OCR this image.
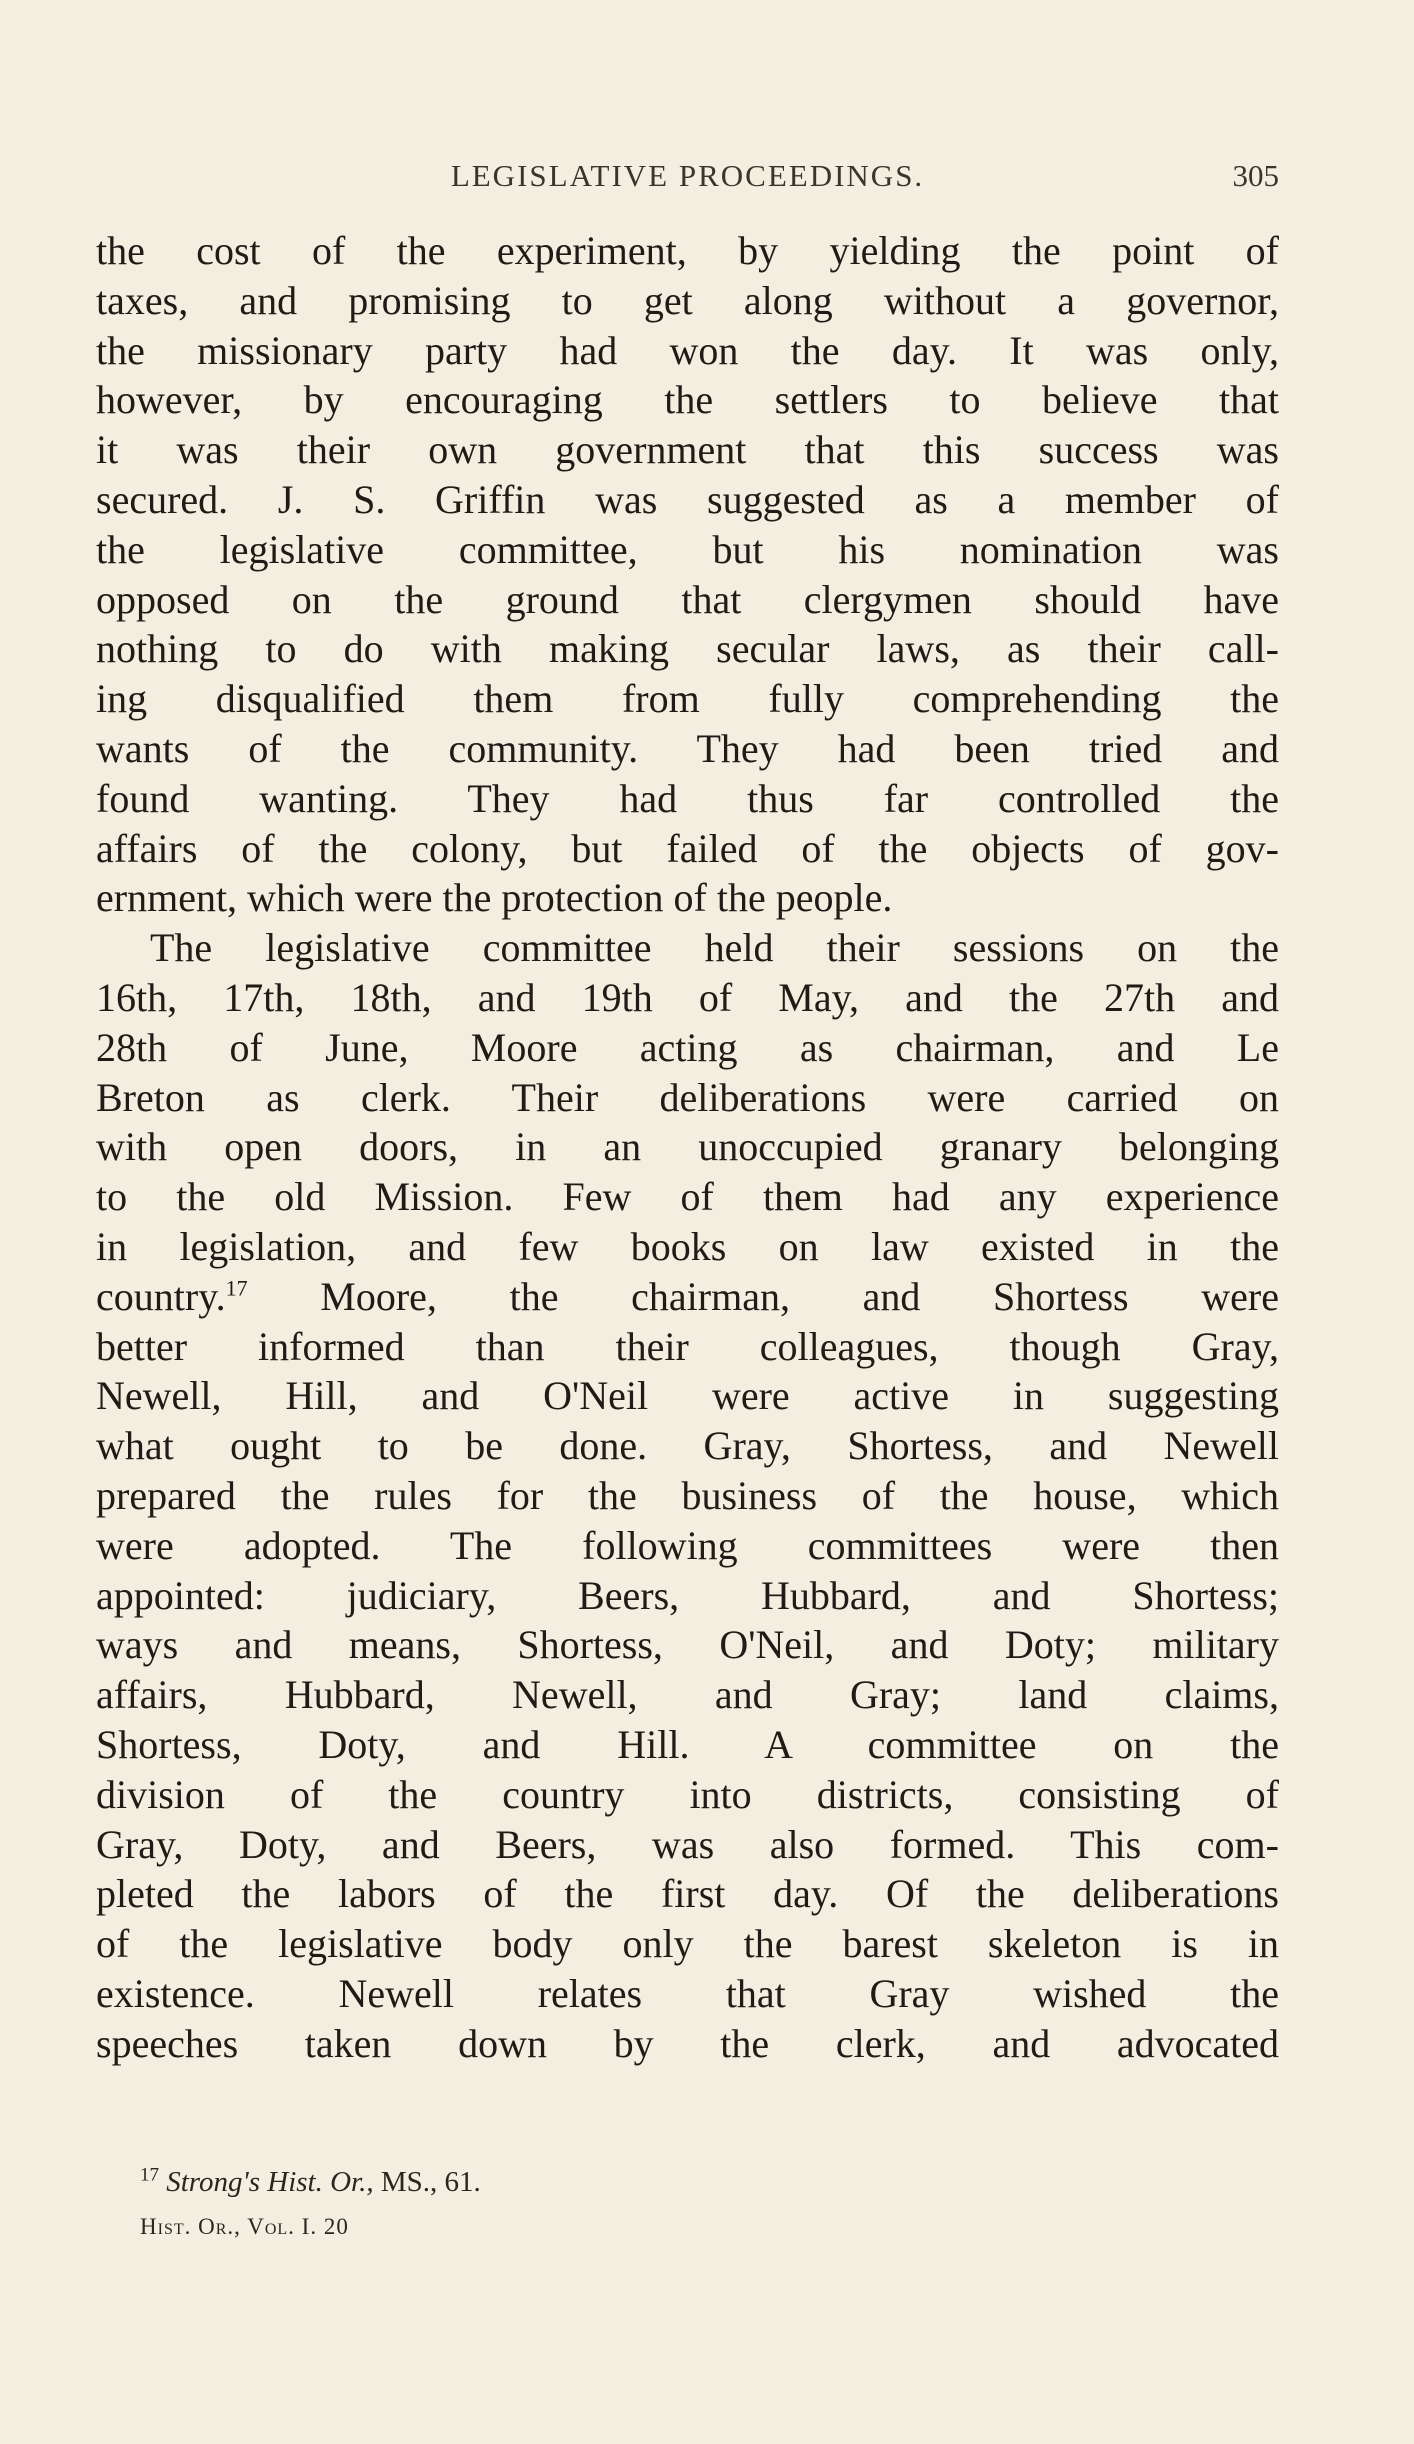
LEGISLATIVE PROCEEDINGS.	305
the cost of the experiment, by yielding the point of
taxes, and promising to get along without a governor,
the missionary party had won the day. It was only,
however, by encouraging the settlers to believe that
it was their own government that this success was
secured. J. S. Griffin was suggested as a member of
the legislative committee, but his nomination was
opposed on the ground that clergymen should have
nothing to do with making secular laws, as their call-
ing disqualified them from fully comprehending the
wants of the community. They had been tried and
found wanting. They had thus far controlled the
affairs of the colony, but failed of the objects of gov-
ernment, which were the protection of the people.
The legislative committee held their sessions on the
16th, 17th, 18th, and 19th of May, and the 27th and
28th of June, Moore acting as chairman, and Le
Breton as clerk. Their deliberations were carried on
with open doors, in an unoccupied granary belonging
to the old Mission. Few of them had any experience
in legislation, and few books on law existed in the
country.$^{17}$ Moore, the chairman, and Shortess were
better informed than their colleagues, though Gray,
Newell, Hill, and O'Neil were active in suggesting
what ought to be done. Gray, Shortess, and Newell
prepared the rules for the business of the house, which
were adopted. The following committees were then
appointed: judiciary, Beers, Hubbard, and Shortess;
ways and means, Shortess, O'Neil, and Doty; military
affairs, Hubbard, Newell, and Gray; land claims,
Shortess, Doty, and Hill. A committee on the
division of the country into districts, consisting of
Gray, Doty, and Beers, was also formed. This com-
pleted the labors of the first day. Of the deliberations
of the legislative body only the barest skeleton is in
existence. Newell relates that Gray wished the
speeches taken down by the clerk, and advocated
$^{17}$ Strong's Hist. Or., MS., 61.
Hist. Or., Vol. I. 20
